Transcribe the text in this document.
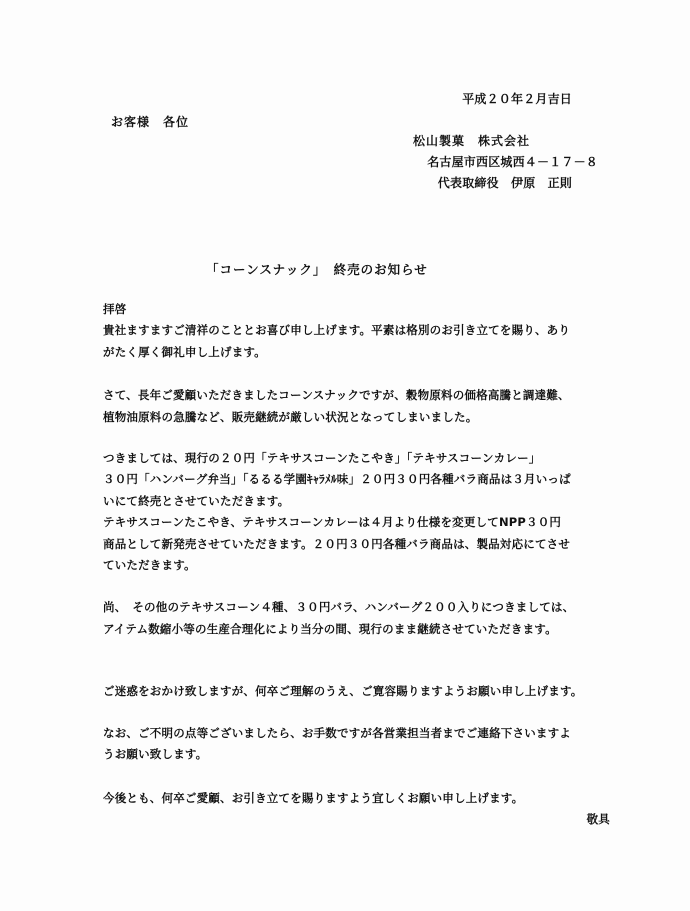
平成２０年２月吉日
お客様　各位
松山製菓　株式会社
名古屋市西区城西４－１７－８
代表取締役　伊原　正則
「コーンスナック」　終売のお知らせ
拝啓
貴社ますますご清祥のこととお喜び申し上げます。平素は格別のお引き立てを賜り、あり
がたく厚く御礼申し上げます。
さて、長年ご愛顧いただきましたコーンスナックですが、穀物原料の価格高騰と調達難、
植物油原料の急騰など、販売継続が厳しい状況となってしまいました。
つきましては、現行の２０円「テキサスコーンたこやき」「テキサスコーンカレー」
３０円「ハンバーグ弁当」「るるる学園ｷｬﾗﾒﾙ味」２０円３０円各種バラ商品は３月いっぱ
いにて終売とさせていただきます。
テキサスコーンたこやき、テキサスコーンカレーは４月より仕様を変更してNPP３０円
商品として新発売させていただきます。２０円３０円各種バラ商品は、製品対応にてさせ
ていただきます。
尚、　その他のテキサスコーン４種、３０円バラ、ハンバーグ２００入りにつきましては、
アイテム数縮小等の生産合理化により当分の間、現行のまま継続させていただきます。
ご迷惑をおかけ致しますが、何卒ご理解のうえ、ご寛容賜りますようお願い申し上げます。
なお、ご不明の点等ございましたら、お手数ですが各営業担当者までご連絡下さいますよ
うお願い致します。
今後とも、何卒ご愛顧、お引き立てを賜りますよう宜しくお願い申し上げます。
敬具
